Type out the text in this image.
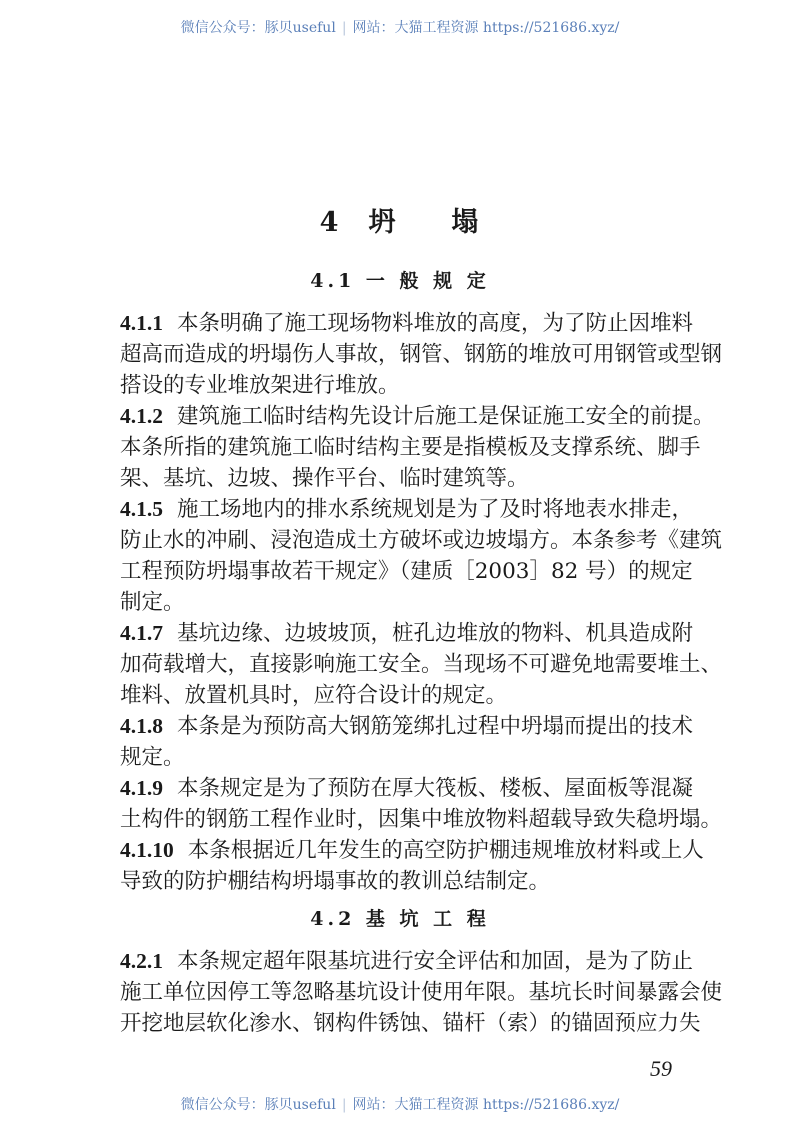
微信公众号：豚贝useful | 网站：大猫工程资源 https://521686.xyz/
4 坍 塌
4.1 一 般 规 定
4.1.1 本条明确了施工现场物料堆放的高度，为了防止因堆料
超高而造成的坍塌伤人事故，钢管、钢筋的堆放可用钢管或型钢
搭设的专业堆放架进行堆放。
4.1.2 建筑施工临时结构先设计后施工是保证施工安全的前提。
本条所指的建筑施工临时结构主要是指模板及支撑系统、脚手
架、基坑、边坡、操作平台、临时建筑等。
4.1.5 施工场地内的排水系统规划是为了及时将地表水排走，
防止水的冲刷、浸泡造成土方破坏或边坡塌方。本条参考《建筑
工程预防坍塌事故若干规定》（建质［2003］82 号）的规定
制定。
4.1.7 基坑边缘、边坡坡顶，桩孔边堆放的物料、机具造成附
加荷载增大，直接影响施工安全。当现场不可避免地需要堆土、
堆料、放置机具时，应符合设计的规定。
4.1.8 本条是为预防高大钢筋笼绑扎过程中坍塌而提出的技术
规定。
4.1.9 本条规定是为了预防在厚大筏板、楼板、屋面板等混凝
土构件的钢筋工程作业时，因集中堆放物料超载导致失稳坍塌。
4.1.10 本条根据近几年发生的高空防护棚违规堆放材料或上人
导致的防护棚结构坍塌事故的教训总结制定。
4.2 基 坑 工 程
4.2.1 本条规定超年限基坑进行安全评估和加固，是为了防止
施工单位因停工等忽略基坑设计使用年限。基坑长时间暴露会使
开挖地层软化渗水、钢构件锈蚀、锚杆（索）的锚固预应力失
59
微信公众号：豚贝useful | 网站：大猫工程资源 https://521686.xyz/
